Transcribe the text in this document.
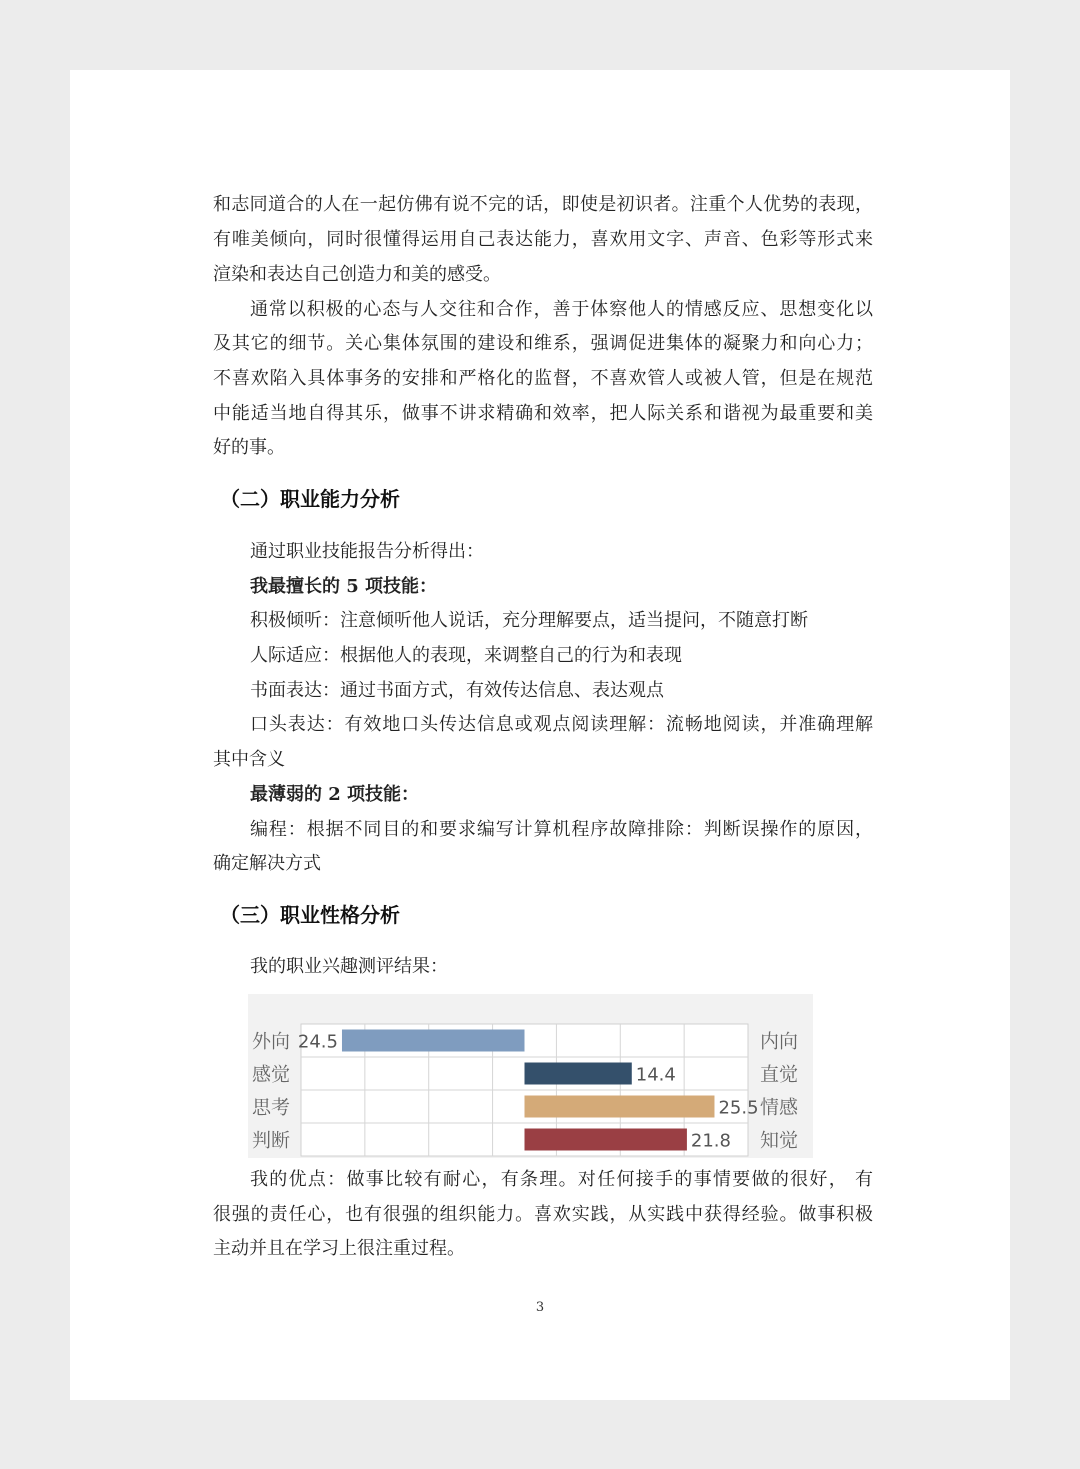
和志同道合的人在一起仿佛有说不完的话，即使是初识者。注重个人优势的表现，
有唯美倾向，同时很懂得运用自己表达能力，喜欢用文字、声音、色彩等形式来
渲染和表达自己创造力和美的感受。
通常以积极的心态与人交往和合作，善于体察他人的情感反应、思想变化以
及其它的细节。关心集体氛围的建设和维系，强调促进集体的凝聚力和向心力；
不喜欢陷入具体事务的安排和严格化的监督，不喜欢管人或被人管，但是在规范
中能适当地自得其乐，做事不讲求精确和效率，把人际关系和谐视为最重要和美
好的事。
（二）职业能力分析
通过职业技能报告分析得出：
我最擅长的 5 项技能：
积极倾听：注意倾听他人说话，充分理解要点，适当提问，不随意打断
人际适应：根据他人的表现，来调整自己的行为和表现
书面表达：通过书面方式，有效传达信息、表达观点
口头表达：有效地口头传达信息或观点阅读理解：流畅地阅读，并准确理解
其中含义
最薄弱的 2 项技能：
编程：根据不同目的和要求编写计算机程序故障排除：判断误操作的原因，
确定解决方式
（三）职业性格分析
我的职业兴趣测评结果：
24.5
外向	内向
14.4
感觉	直觉
25.5
思考	情感
21.8
判断	知觉
我的优点：做事比较有耐心，有条理。对任何接手的事情要做的很好， 有
很强的责任心，也有很强的组织能力。喜欢实践，从实践中获得经验。做事积极
主动并且在学习上很注重过程。
3
